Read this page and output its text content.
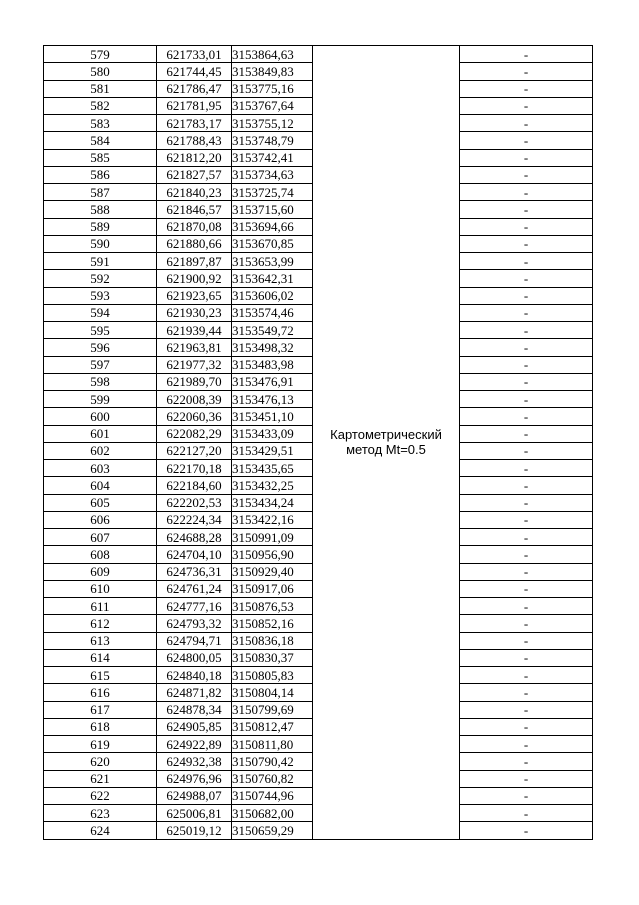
579	621733,01	3153864,63	Картометрический
метод Mt=0.5	-
580	621744,45	3153849,83		-
581	621786,47	3153775,16		-
582	621781,95	3153767,64		-
583	621783,17	3153755,12		-
584	621788,43	3153748,79		-
585	621812,20	3153742,41		-
586	621827,57	3153734,63		-
587	621840,23	3153725,74		-
588	621846,57	3153715,60		-
589	621870,08	3153694,66		-
590	621880,66	3153670,85		-
591	621897,87	3153653,99		-
592	621900,92	3153642,31		-
593	621923,65	3153606,02		-
594	621930,23	3153574,46		-
595	621939,44	3153549,72		-
596	621963,81	3153498,32		-
597	621977,32	3153483,98		-
598	621989,70	3153476,91		-
599	622008,39	3153476,13		-
600	622060,36	3153451,10		-
601	622082,29	3153433,09		-
602	622127,20	3153429,51		-
603	622170,18	3153435,65		-
604	622184,60	3153432,25		-
605	622202,53	3153434,24		-
606	622224,34	3153422,16		-
607	624688,28	3150991,09		-
608	624704,10	3150956,90		-
609	624736,31	3150929,40		-
610	624761,24	3150917,06		-
611	624777,16	3150876,53		-
612	624793,32	3150852,16		-
613	624794,71	3150836,18		-
614	624800,05	3150830,37		-
615	624840,18	3150805,83		-
616	624871,82	3150804,14		-
617	624878,34	3150799,69		-
618	624905,85	3150812,47		-
619	624922,89	3150811,80		-
620	624932,38	3150790,42		-
621	624976,96	3150760,82		-
622	624988,07	3150744,96		-
623	625006,81	3150682,00		-
624	625019,12	3150659,29		-
